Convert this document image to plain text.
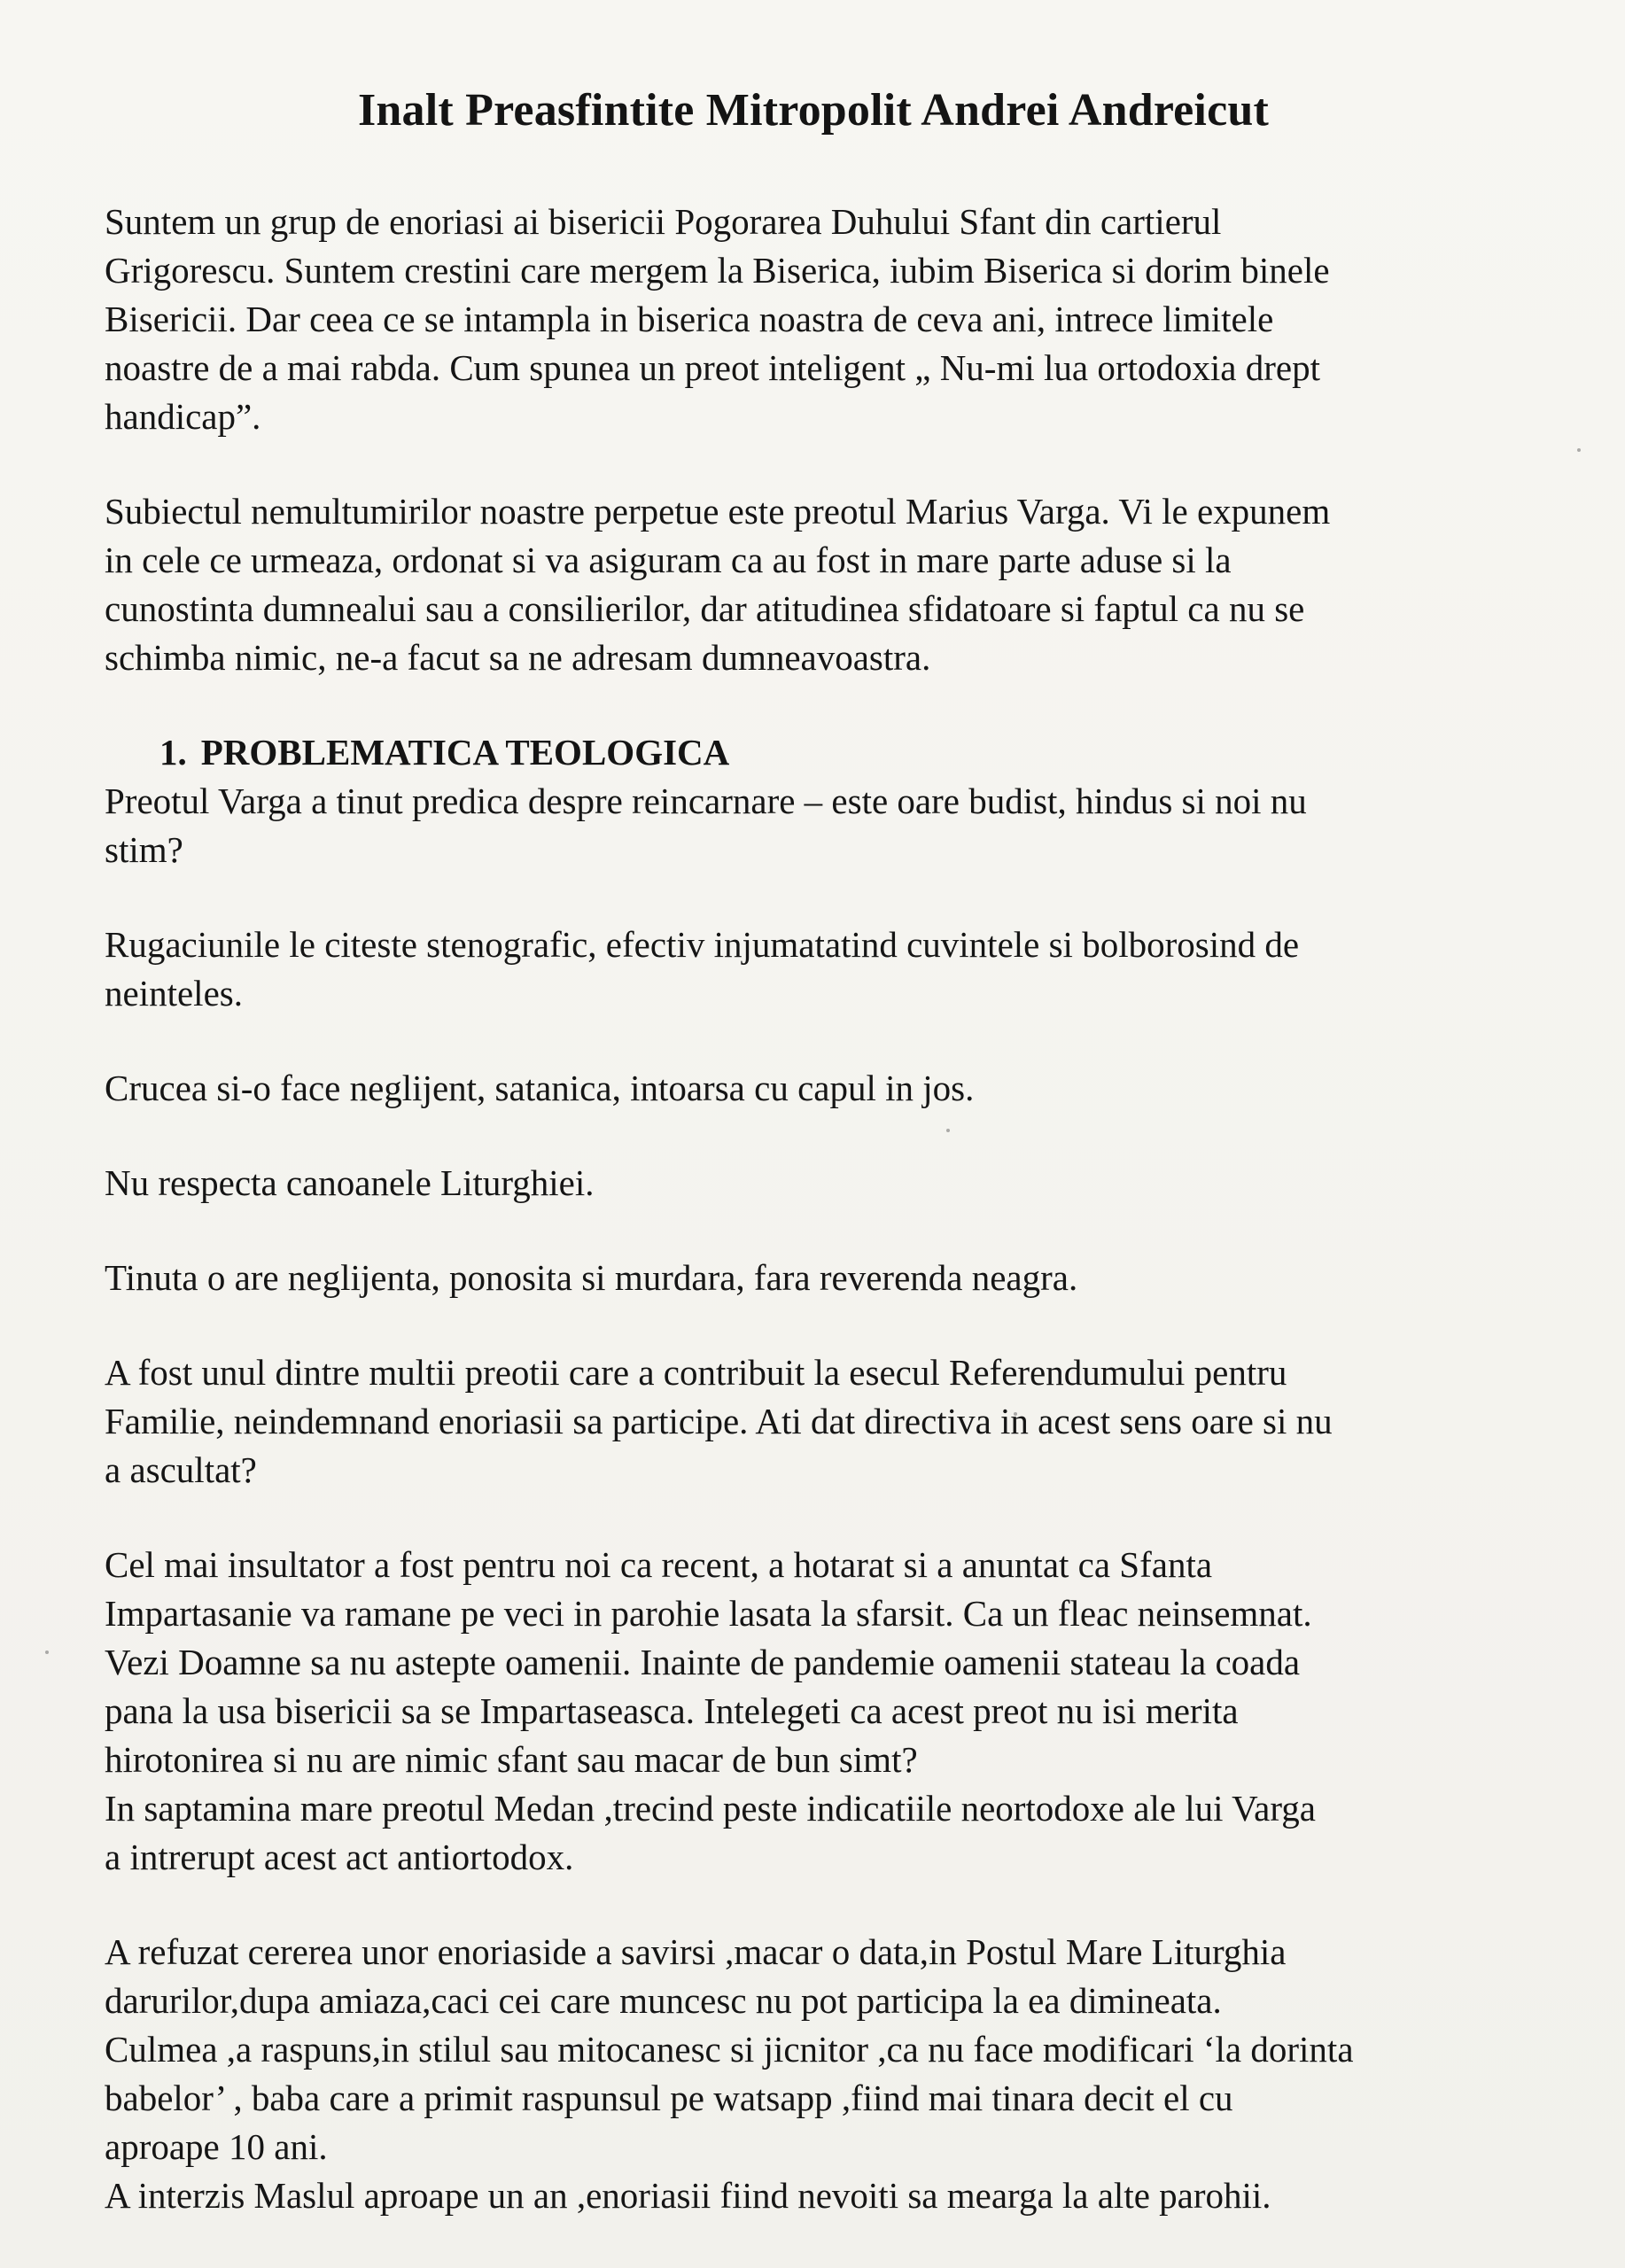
Inalt Preasfintite Mitropolit Andrei Andreicut
Suntem un grup de enoriasi ai bisericii Pogorarea Duhului Sfant din cartierul
Grigorescu. Suntem crestini care mergem la Biserica, iubim Biserica si dorim binele
Bisericii. Dar ceea ce se intampla in biserica noastra de ceva ani, intrece limitele
noastre de a mai rabda. Cum spunea un preot inteligent „ Nu-mi lua ortodoxia drept
handicap”.
Subiectul nemultumirilor noastre perpetue este preotul Marius Varga. Vi le expunem
in cele ce urmeaza, ordonat si va asiguram ca au fost in mare parte aduse si la
cunostinta dumnealui sau a consilierilor, dar atitudinea sfidatoare si faptul ca nu se
schimba nimic, ne-a facut sa ne adresam dumneavoastra.
1. PROBLEMATICA TEOLOGICA
Preotul Varga a tinut predica despre reincarnare – este oare budist, hindus si noi nu
stim?
Rugaciunile le citeste stenografic, efectiv injumatatind cuvintele si bolborosind de
neinteles.
Crucea si-o face neglijent, satanica, intoarsa cu capul in jos.
Nu respecta canoanele Liturghiei.
Tinuta o are neglijenta, ponosita si murdara, fara reverenda neagra.
A fost unul dintre multii preotii care a contribuit la esecul Referendumului pentru
Familie, neindemnand enoriasii sa participe. Ati dat directiva in acest sens oare si nu
a ascultat?
Cel mai insultator a fost pentru noi ca recent, a hotarat si a anuntat ca Sfanta
Impartasanie va ramane pe veci in parohie lasata la sfarsit. Ca un fleac neinsemnat.
Vezi Doamne sa nu astepte oamenii. Inainte de pandemie oamenii stateau la coada
pana la usa bisericii sa se Impartaseasca. Intelegeti ca acest preot nu isi merita
hirotonirea si nu are nimic sfant sau macar de bun simt?
In saptamina mare preotul Medan ,trecind peste indicatiile neortodoxe ale lui Varga
a intrerupt acest act antiortodox.
A refuzat cererea unor enoriaside a savirsi ,macar o data,in Postul Mare Liturghia
darurilor,dupa amiaza,caci cei care muncesc nu pot participa la ea dimineata.
Culmea ,a raspuns,in stilul sau mitocanesc si jicnitor ,ca nu face modificari ‘la dorinta
babelor’ , baba care a primit raspunsul pe watsapp ,fiind mai tinara decit el cu
aproape 10 ani.
A interzis Maslul aproape un an ,enoriasii fiind nevoiti sa mearga la alte parohii.
